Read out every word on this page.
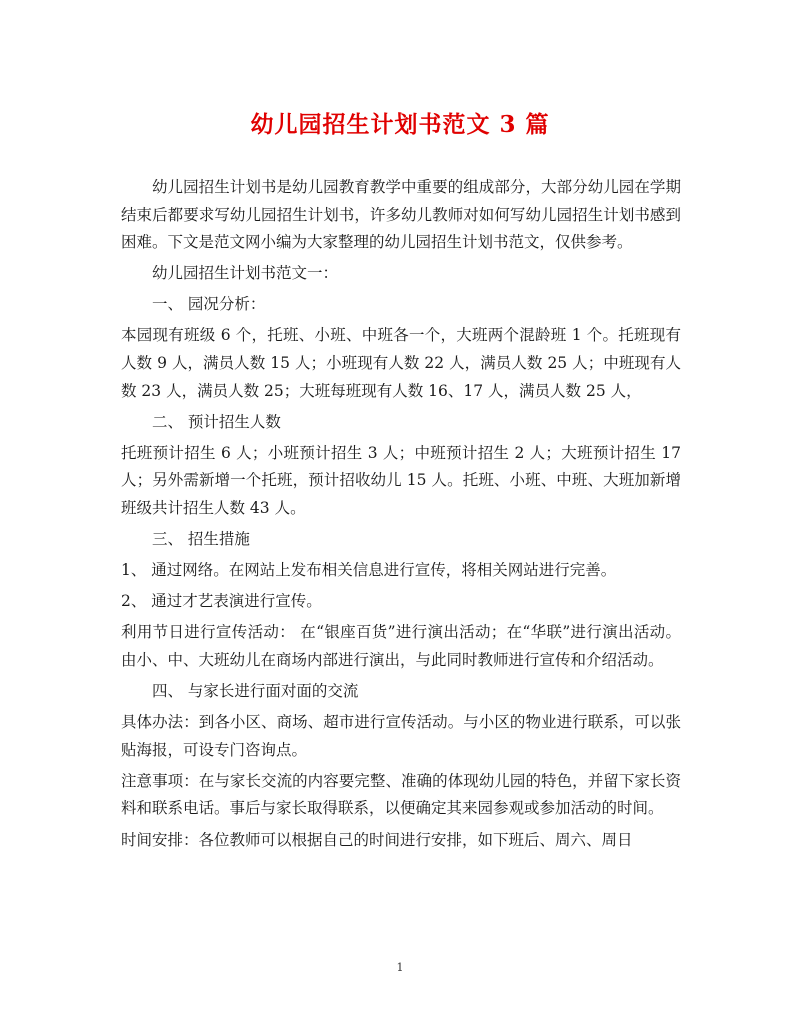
幼儿园招生计划书范文 3 篇

幼儿园招生计划书是幼儿园教育教学中重要的组成部分，大部分幼儿园在学期结束后都要求写幼儿园招生计划书，许多幼儿教师对如何写幼儿园招生计划书感到困难。下文是范文网小编为大家整理的幼儿园招生计划书范文，仅供参考。

幼儿园招生计划书范文一：

一、 园况分析：

本园现有班级 6 个，托班、小班、中班各一个，大班两个混龄班 1 个。托班现有人数 9 人，满员人数 15 人；小班现有人数 22 人，满员人数 25 人；中班现有人数 23 人，满员人数 25；大班每班现有人数 16、17 人，满员人数 25 人，

二、 预计招生人数

托班预计招生 6 人；小班预计招生 3 人；中班预计招生 2 人；大班预计招生 17 人；另外需新增一个托班，预计招收幼儿 15 人。托班、小班、中班、大班加新增班级共计招生人数 43 人。

三、 招生措施

1、 通过网络。在网站上发布相关信息进行宣传，将相关网站进行完善。

2、 通过才艺表演进行宣传。

利用节日进行宣传活动： 在“银座百货”进行演出活动；在“华联”进行演出活动。由小、中、大班幼儿在商场内部进行演出，与此同时教师进行宣传和介绍活动。

四、 与家长进行面对面的交流

具体办法：到各小区、商场、超市进行宣传活动。与小区的物业进行联系，可以张贴海报，可设专门咨询点。

注意事项：在与家长交流的内容要完整、准确的体现幼儿园的特色，并留下家长资料和联系电话。事后与家长取得联系，以便确定其来园参观或参加活动的时间。

时间安排：各位教师可以根据自己的时间进行安排，如下班后、周六、周日

1
